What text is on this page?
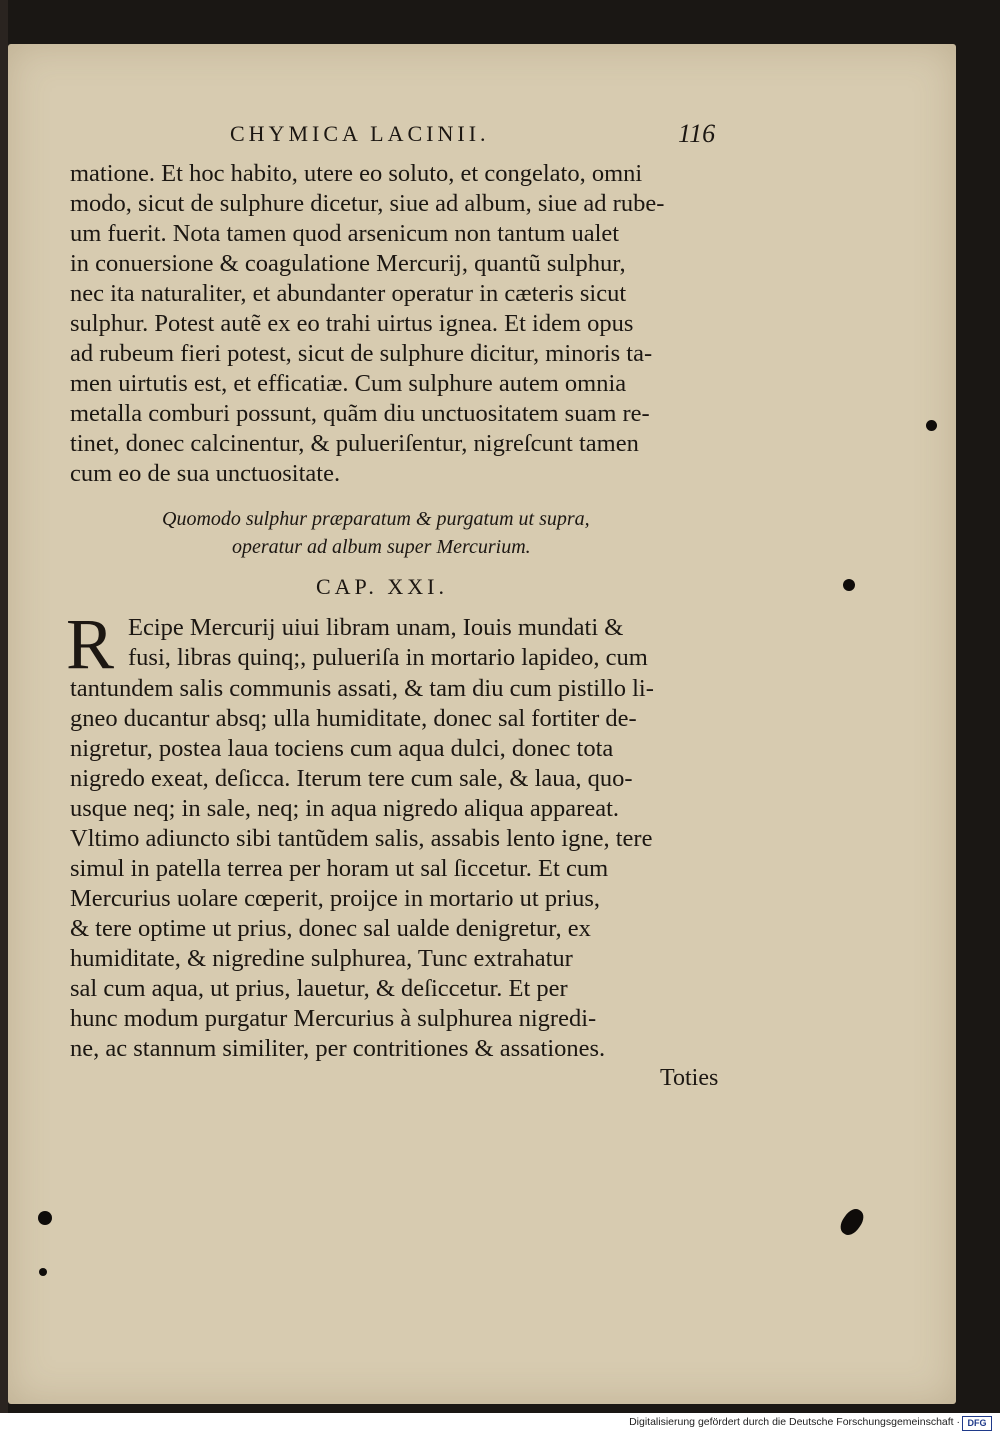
CHYMICA LACINII.	116
matione. Et hoc habito, utere eo soluto, et congelato, omni
modo, sicut de sulphure dicetur, siue ad album, siue ad rube-
um fuerit. Nota tamen quod arsenicum non tantum ualet
in conuersione & coagulatione Mercurij, quantũ sulphur,
nec ita naturaliter, et abundanter operatur in cæteris sicut
sulphur. Potest autẽ ex eo trahi uirtus ignea. Et idem opus
ad rubeum fieri potest, sicut de sulphure dicitur, minoris ta-
men uirtutis est, et efficatiæ. Cum sulphure autem omnia
metalla comburi possunt, quãm diu unctuositatem suam re-
tinet, donec calcinentur, & pulueriſentur, nigreſcunt tamen
cum eo de sua unctuositate.
Quomodo sulphur præparatum & purgatum ut supra,
operatur ad album super Mercurium.
CAP. XXI.
R Ecipe Mercurij uiui libram unam, Iouis mundati &
fusi, libras quinq;, pulueriſa in mortario lapideo, cum
tantundem salis communis assati, & tam diu cum pistillo li-
gneo ducantur absq; ulla humiditate, donec sal fortiter de-
nigretur, postea laua tociens cum aqua dulci, donec tota
nigredo exeat, deſicca. Iterum tere cum sale, & laua, quo-
usque neq; in sale, neq; in aqua nigredo aliqua appareat.
Vltimo adiuncto sibi tantũdem salis, assabis lento igne, tere
simul in patella terrea per horam ut sal ſiccetur. Et cum
Mercurius uolare cœperit, proijce in mortario ut prius,
& tere optime ut prius, donec sal ualde denigretur, ex
humiditate, & nigredine sulphurea, Tunc extrahatur
sal cum aqua, ut prius, lauetur, & deſiccetur. Et per
hunc modum purgatur Mercurius à sulphurea nigredi-
ne, ac stannum similiter, per contritiones & assationes.
Toties
Digitalisierung gefördert durch die Deutsche Forschungsgemeinschaft · DFG
